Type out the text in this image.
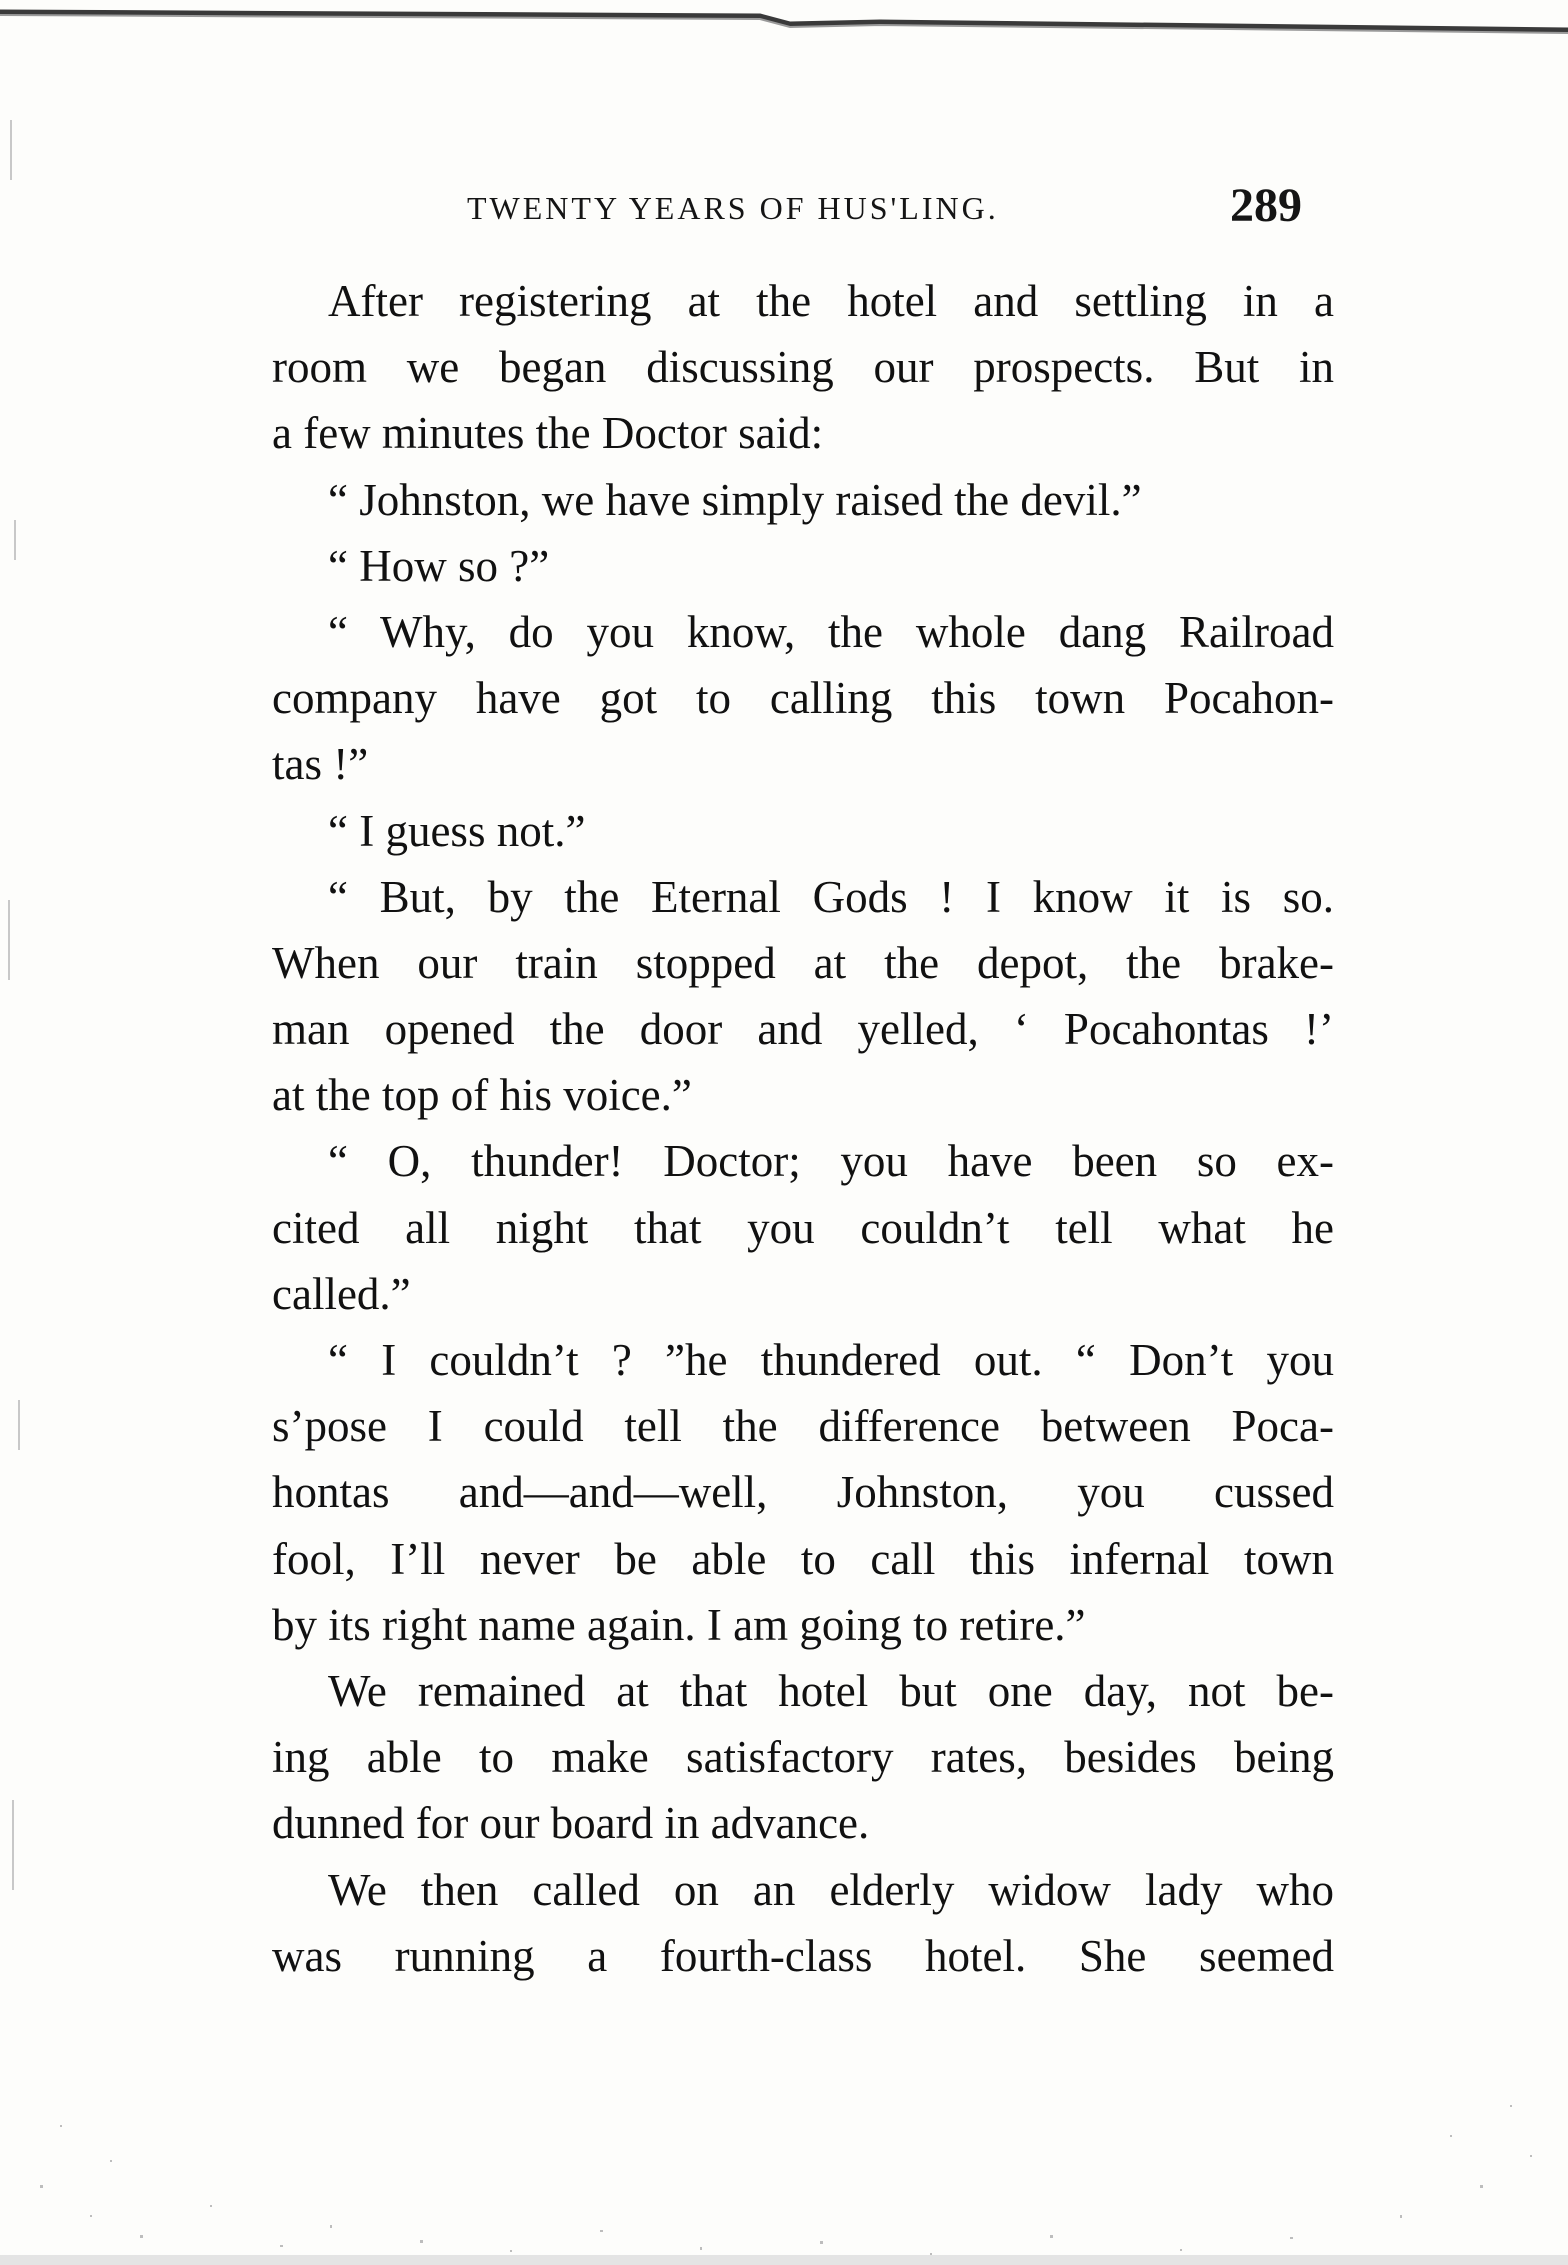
TWENTY YEARS OF HUS'LING.	289
After registering at the hotel and settling in a
room we began discussing our prospects. But in
a few minutes the Doctor said:
“ Johnston, we have simply raised the devil.”
“ How so ?”
“ Why, do you know, the whole dang Railroad
company have got to calling this town Pocahon-
tas !”
“ I guess not.”
“ But, by the Eternal Gods ! I know it is so.
When our train stopped at the depot, the brake-
man opened the door and yelled, ‘ Pocahontas !’
at the top of his voice.”
“ O, thunder! Doctor; you have been so ex-
cited all night that you couldn’t tell what he
called.”
“ I couldn’t ? ”he thundered out. “ Don’t you
s’pose I could tell the difference between Poca-
hontas and—and—well, Johnston, you cussed
fool, I’ll never be able to call this infernal town
by its right name again. I am going to retire.”
We remained at that hotel but one day, not be-
ing able to make satisfactory rates, besides being
dunned for our board in advance.
We then called on an elderly widow lady who
was running a fourth-class hotel. She seemed
